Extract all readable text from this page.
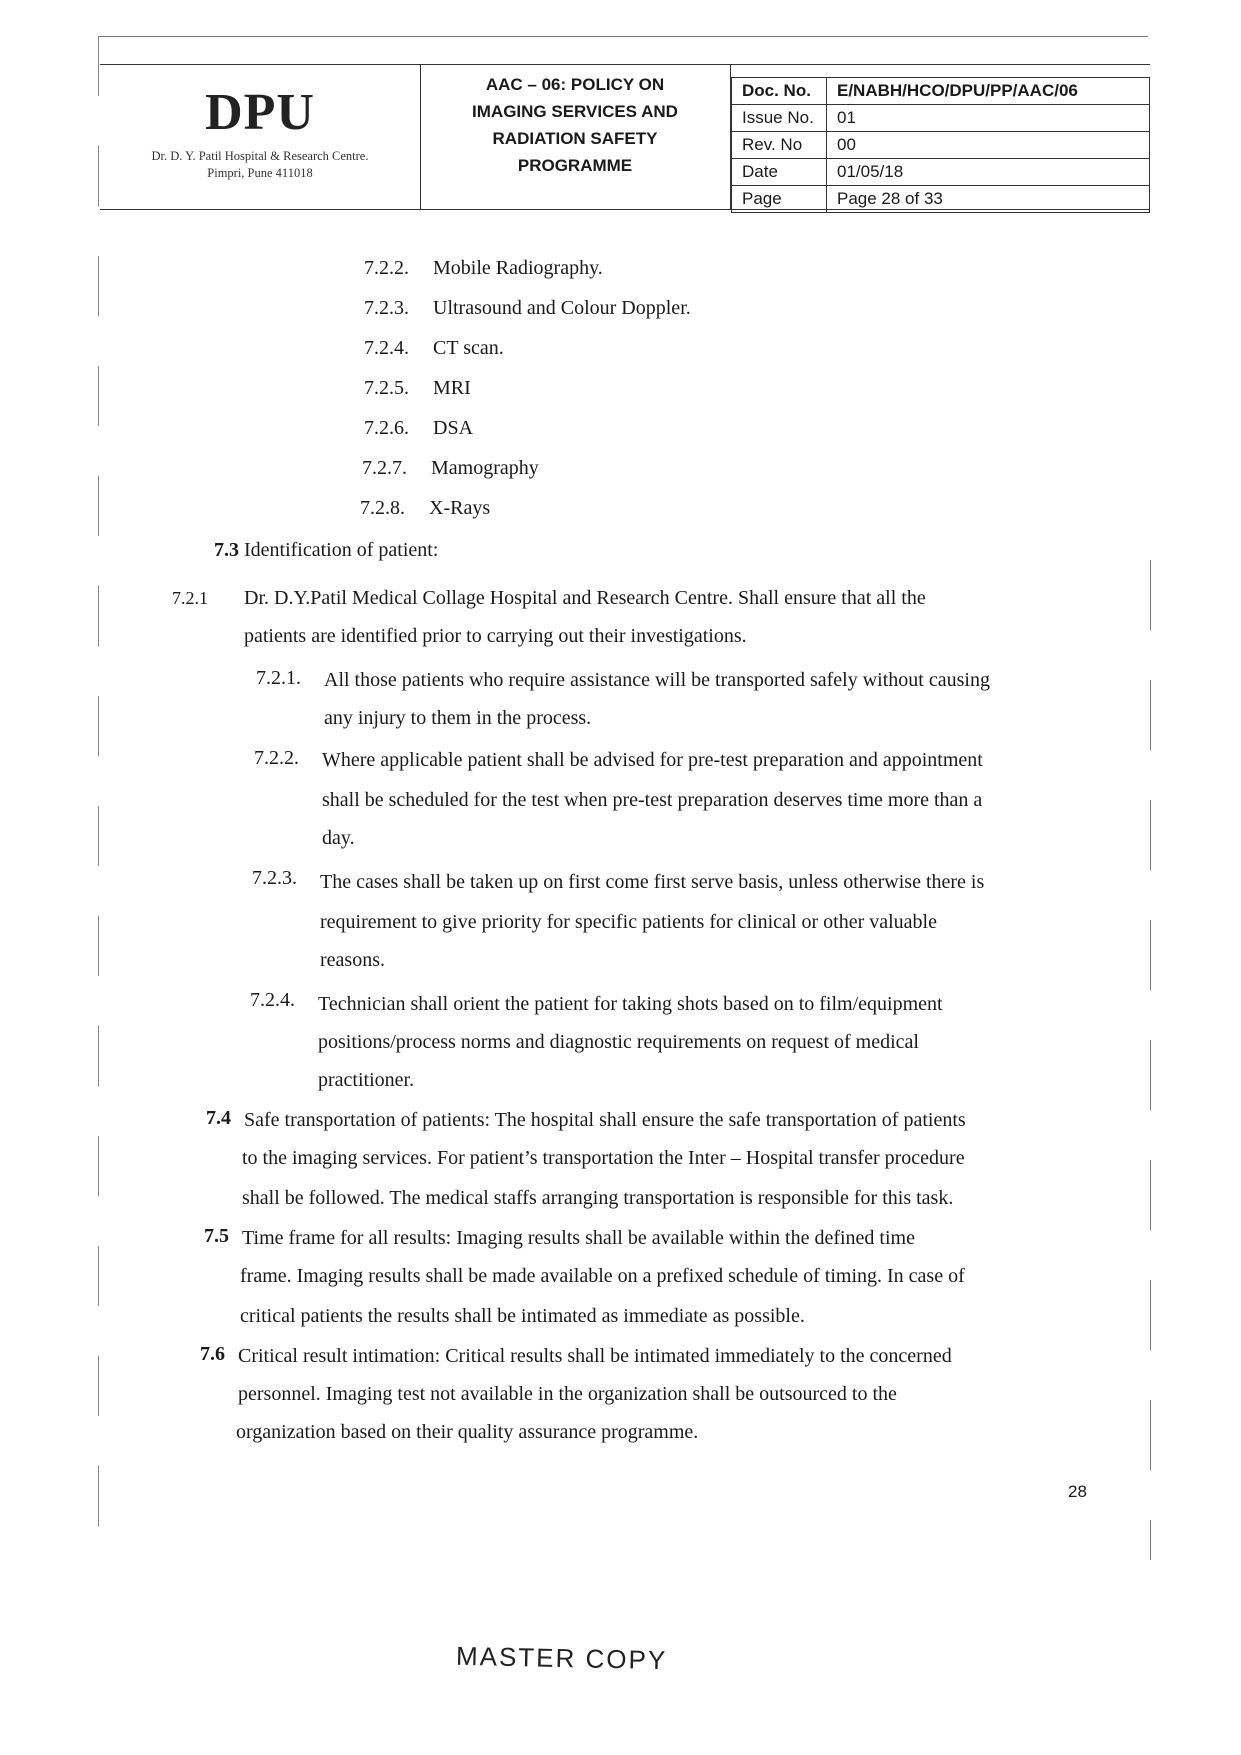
DPU
Dr. D. Y. Patil Hospital & Research Centre.
Pimpri, Pune 411018
AAC – 06: POLICY ON
IMAGING SERVICES AND
RADIATION SAFETY
PROGRAMME
Doc. No.	E/NABH/HCO/DPU/PP/AAC/06
Issue No.	01
Rev. No	00
Date	01/05/18
Page	Page 28 of 33
7.2.2. Mobile Radiography.
7.2.3. Ultrasound and Colour Doppler.
7.2.4. CT scan.
7.2.5. MRI
7.2.6. DSA
7.2.7. Mamography
7.2.8. X-Rays
7.3 Identification of patient:
7.2.1 Dr. D.Y.Patil Medical Collage Hospital and Research Centre. Shall ensure that all the
patients are identified prior to carrying out their investigations.
7.2.1. All those patients who require assistance will be transported safely without causing
any injury to them in the process.
7.2.2. Where applicable patient shall be advised for pre-test preparation and appointment
shall be scheduled for the test when pre-test preparation deserves time more than a
day.
7.2.3. The cases shall be taken up on first come first serve basis, unless otherwise there is
requirement to give priority for specific patients for clinical or other valuable
reasons.
7.2.4. Technician shall orient the patient for taking shots based on to film/equipment
positions/process norms and diagnostic requirements on request of medical
practitioner.
7.4 Safe transportation of patients: The hospital shall ensure the safe transportation of patients
to the imaging services. For patient’s transportation the Inter – Hospital transfer procedure
shall be followed. The medical staffs arranging transportation is responsible for this task.
7.5 Time frame for all results: Imaging results shall be available within the defined time
frame. Imaging results shall be made available on a prefixed schedule of timing. In case of
critical patients the results shall be intimated as immediate as possible.
7.6 Critical result intimation: Critical results shall be intimated immediately to the concerned
personnel. Imaging test not available in the organization shall be outsourced to the
organization based on their quality assurance programme.
28
MASTER COPY
